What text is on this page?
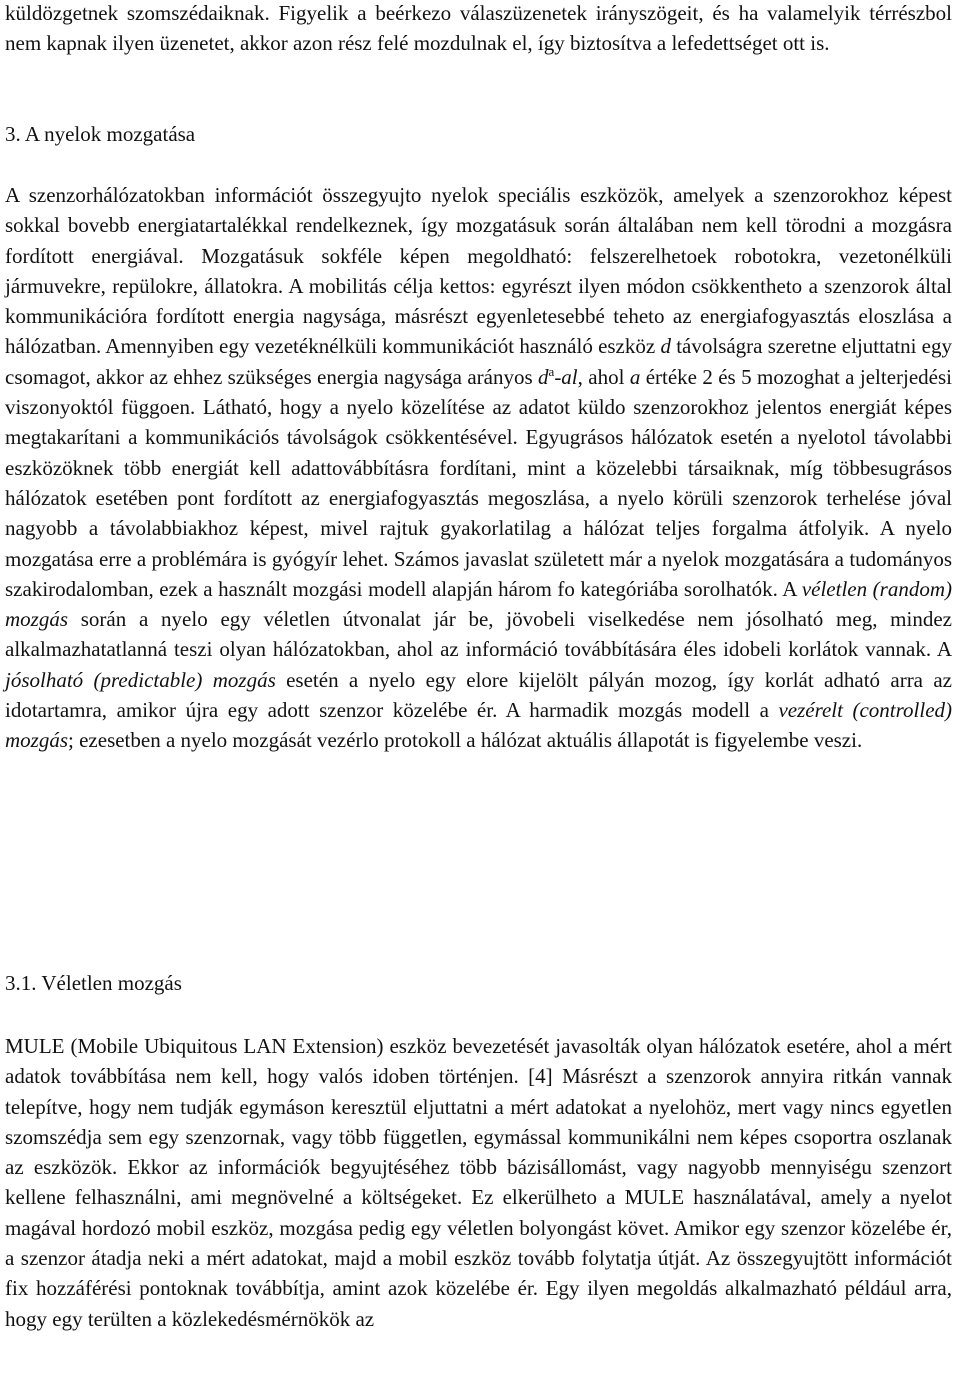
küldözgetnek szomszédaiknak. Figyelik a beérkezo válaszüzenetek irányszögeit, és ha valamelyik térrészbol nem kapnak ilyen üzenetet, akkor azon rész felé mozdulnak el, így biztosítva a lefedettséget ott is.

3. A nyelok mozgatása

A szenzorhálózatokban információt összegyujto nyelok speciális eszközök, amelyek a szenzorokhoz képest sokkal bovebb energiatartalékkal rendelkeznek, így mozgatásuk során általában nem kell törodni a mozgásra fordított energiával. Mozgatásuk sokféle képen megoldható: felszerelhetoek robotokra, vezetonélküli jármuvekre, repülokre, állatokra. A mobilitás célja kettos: egyrészt ilyen módon csökkentheto a szenzorok által kommunikációra fordított energia nagysága, másrészt egyenletesebbé teheto az energiafogyasztás eloszlása a hálózatban. Amennyiben egy vezetéknélküli kommunikációt használó eszköz d távolságra szeretne eljuttatni egy csomagot, akkor az ehhez szükséges energia nagysága arányos $d^a-al$, ahol a értéke 2 és 5 mozoghat a jelterjedési viszonyoktól függoen. Látható, hogy a nyelo közelítése az adatot küldo szenzorokhoz jelentos energiát képes megtakarítani a kommunikációs távolságok csökkentésével. Egyugrásos hálózatok esetén a nyelotol távolabbi eszközöknek több energiát kell adattovábbításra fordítani, mint a közelebbi társaiknak, míg többesugrásos hálózatok esetében pont fordított az energiafogyasztás megoszlása, a nyelo körüli szenzorok terhelése jóval nagyobb a távolabbiakhoz képest, mivel rajtuk gyakorlatilag a hálózat teljes forgalma átfolyik. A nyelo mozgatása erre a problémára is gyógyír lehet. Számos javaslat született már a nyelok mozgatására a tudományos szakirodalomban, ezek a használt mozgási modell alapján három fo kategóriába sorolhatók. A véletlen (random) mozgás során a nyelo egy véletlen útvonalat jár be, jövobeli viselkedése nem jósolható meg, mindez alkalmazhatatlanná teszi olyan hálózatokban, ahol az információ továbbítására éles idobeli korlátok vannak. A jósolható (predictable) mozgás esetén a nyelo egy elore kijelölt pályán mozog, így korlát adható arra az idotartamra, amikor újra egy adott szenzor közelébe ér. A harmadik mozgás modell a vezérelt (controlled) mozgás; ezesetben a nyelo mozgását vezérlo protokoll a hálózat aktuális állapotát is figyelembe veszi.

3.1. Véletlen mozgás

MULE (Mobile Ubiquitous LAN Extension) eszköz bevezetését javasolták olyan hálózatok esetére, ahol a mért adatok továbbítása nem kell, hogy valós idoben történjen. [4] Másrészt a szenzorok annyira ritkán vannak telepítve, hogy nem tudják egymáson keresztül eljuttatni a mért adatokat a nyelohöz, mert vagy nincs egyetlen szomszédja sem egy szenzornak, vagy több független, egymással kommunikálni nem képes csoportra oszlanak az eszközök. Ekkor az információk begyujtéséhez több bázisállomást, vagy nagyobb mennyiségu szenzort kellene felhasználni, ami megnövelné a költségeket. Ez elkerülheto a MULE használatával, amely a nyelot magával hordozó mobil eszköz, mozgása pedig egy véletlen bolyongást követ. Amikor egy szenzor közelébe ér, a szenzor átadja neki a mért adatokat, majd a mobil eszköz tovább folytatja útját. Az összegyujtött információt fix hozzáférési pontoknak továbbítja, amint azok közelébe ér. Egy ilyen megoldás alkalmazható például arra, hogy egy terülten a közlekedésmérnökök az
